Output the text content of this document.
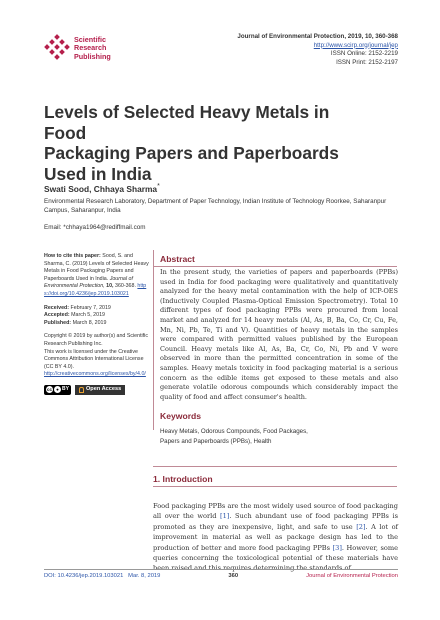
Scientific
Research
Publishing
Journal of Environmental Protection, 2019, 10, 360-368
http://www.scirp.org/journal/jep
ISSN Online: 2152-2219
ISSN Print: 2152-2197
Levels of Selected Heavy Metals in Food
Packaging Papers and Paperboards
Used in India
Swati Sood, Chhaya Sharma*
Environmental Research Laboratory, Department of Paper Technology, Indian Institute of Technology Roorkee, Saharanpur
Campus, Saharanpur, India
Email: *chhaya1964@rediffmail.com

How to cite this paper: Sood, S. and Sharma, C. (2019) Levels of Selected Heavy Metals in Food Packaging Papers and Paperboards Used in India. Journal of Environmental Protection, 10, 360-368. https://doi.org/10.4236/jep.2019.103021

Received: February 7, 2019
Accepted: March 5, 2019
Published: March 8, 2019

Copyright © 2019 by author(s) and Scientific Research Publishing Inc.
This work is licensed under the Creative Commons Attribution International License (CC BY 4.0).
http://creativecommons.org/licenses/by/4.0/

cc ● BY	Open Access
Abstract
In the present study, the varieties of papers and paperboards (PPBs) used in India for food packaging were qualitatively and quantitatively analyzed for the heavy metal contamination with the help of ICP-OES (Inductively Coupled Plasma-Optical Emission Spectrometry). Total 10 different types of food packaging PPBs were procured from local market and analyzed for 14 heavy metals (Al, As, B, Ba, Co, Cr, Cu, Fe, Mn, Ni, Pb, Te, Ti and V). Quantities of heavy metals in the samples were compared with permitted values published by the European Council. Heavy metals like Al, As, Ba, Cr, Co, Ni, Pb and V were observed in more than the permitted concentration in some of the samples. Heavy metals toxicity in food packaging material is a serious concern as the edible items get exposed to these metals and also generate volatile odorous compounds which considerably impact the quality of food and affect consumer's health.
Keywords
Heavy Metals, Odorous Compounds, Food Packages,
Papers and Paperboards (PPBs), Health
1. Introduction
Food packaging PPBs are the most widely used source of food packaging all over the world [1]. Such abundant use of food packaging PPBs is promoted as they are inexpensive, light, and safe to use [2]. A lot of improvement in material as well as package design has led to the production of better and more food packaging PPBs [3]. However, some queries concerning the toxicological potential of these materials have been raised and this requires determining the standards of
DOI: 10.4236/jep.2019.103021 Mar. 8, 2019	360	Journal of Environmental Protection
